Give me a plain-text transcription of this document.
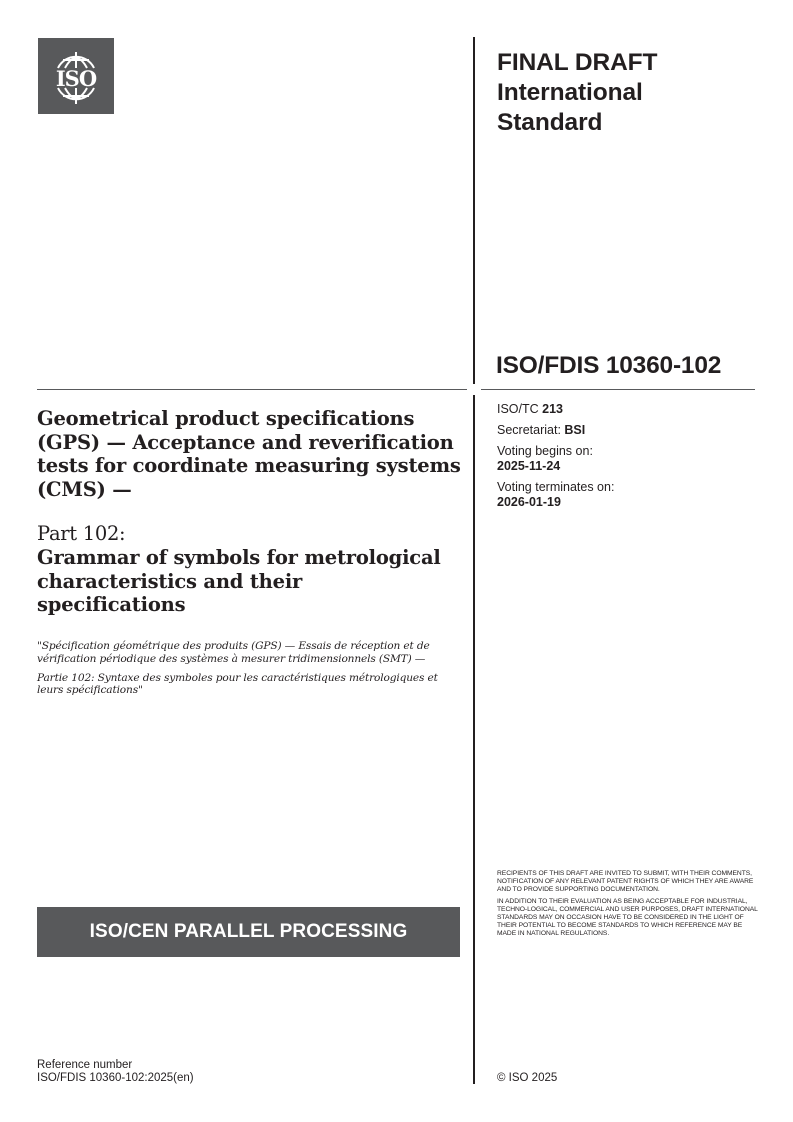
ISO
FINAL DRAFT
International
Standard
ISO/FDIS 10360-102
ISO/TC 213
Secretariat: BSI
Voting begins on:
2025-11-24
Voting terminates on:
2026-01-19
Geometrical product specifications (GPS) — Acceptance and reverification tests for coordinate measuring systems (CMS) —
Part 102:
Grammar of symbols for metrological characteristics and their specifications

"Spécification géométrique des produits (GPS) — Essais de réception et de vérification périodique des systèmes à mesurer tridimensionnels (SMT) —

Partie 102: Syntaxe des symboles pour les caractéristiques métrologiques et leurs spécifications"

ISO/CEN PARALLEL PROCESSING

RECIPIENTS OF THIS DRAFT ARE INVITED TO SUBMIT, WITH THEIR COMMENTS, NOTIFICATION OF ANY RELEVANT PATENT RIGHTS OF WHICH THEY ARE AWARE AND TO PROVIDE SUPPORTING DOCUMENTATION.

IN ADDITION TO THEIR EVALUATION AS BEING ACCEPTABLE FOR INDUSTRIAL, TECHNO-LOGICAL, COMMERCIAL AND USER PURPOSES, DRAFT INTERNATIONAL STANDARDS MAY ON OCCASION HAVE TO BE CONSIDERED IN THE LIGHT OF THEIR POTENTIAL TO BECOME STANDARDS TO WHICH REFERENCE MAY BE MADE IN NATIONAL REGULATIONS.

Reference number
ISO/FDIS 10360-102:2025(en)	© ISO 2025
